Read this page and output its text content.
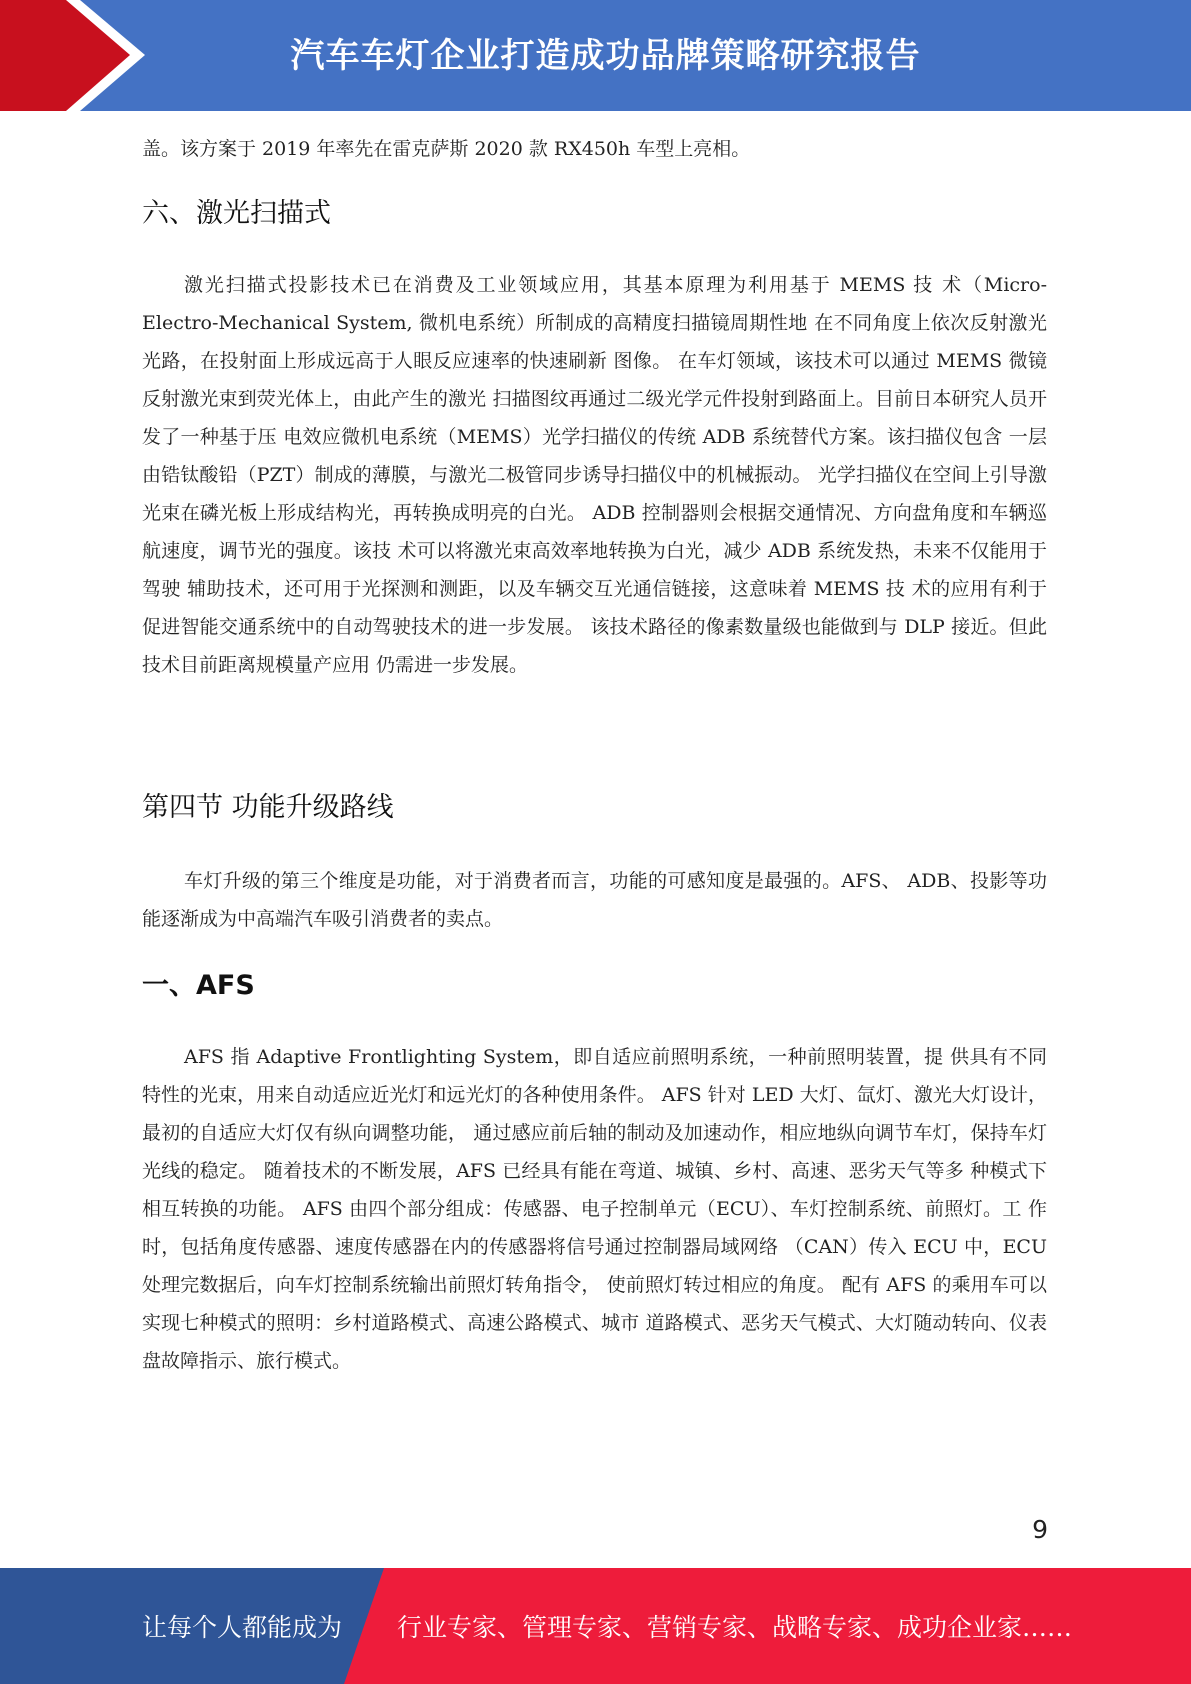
汽车车灯企业打造成功品牌策略研究报告

盖。该方案于 2019 年率先在雷克萨斯 2020 款 RX450h 车型上亮相。

六、激光扫描式

激光扫描式投影技术已在消费及工业领域应用，其基本原理为利用基于 MEMS 技 术（Micro-Electro-Mechanical System, 微机电系统）所制成的高精度扫描镜周期性地 在不同角度上依次反射激光光路，在投射面上形成远高于人眼反应速率的快速刷新 图像。 在车灯领域，该技术可以通过 MEMS 微镜反射激光束到荧光体上，由此产生的激光 扫描图纹再通过二级光学元件投射到路面上。目前日本研究人员开发了一种基于压 电效应微机电系统（MEMS）光学扫描仪的传统 ADB 系统替代方案。该扫描仪包含 一层由锆钛酸铅（PZT）制成的薄膜，与激光二极管同步诱导扫描仪中的机械振动。 光学扫描仪在空间上引导激光束在磷光板上形成结构光，再转换成明亮的白光。 ADB 控制器则会根据交通情况、方向盘角度和车辆巡航速度，调节光的强度。该技 术可以将激光束高效率地转换为白光，减少 ADB 系统发热，未来不仅能用于驾驶 辅助技术，还可用于光探测和测距，以及车辆交互光通信链接，这意味着 MEMS 技 术的应用有利于促进智能交通系统中的自动驾驶技术的进一步发展。 该技术路径的像素数量级也能做到与 DLP 接近。但此技术目前距离规模量产应用 仍需进一步发展。

第四节 功能升级路线

车灯升级的第三个维度是功能，对于消费者而言，功能的可感知度是最强的。AFS、 ADB、投影等功能逐渐成为中高端汽车吸引消费者的卖点。

一、AFS

AFS 指 Adaptive Frontlighting System，即自适应前照明系统，一种前照明装置，提 供具有不同特性的光束，用来自动适应近光灯和远光灯的各种使用条件。 AFS 针对 LED 大灯、氙灯、激光大灯设计，最初的自适应大灯仅有纵向调整功能， 通过感应前后轴的制动及加速动作，相应地纵向调节车灯，保持车灯光线的稳定。 随着技术的不断发展，AFS 已经具有能在弯道、城镇、乡村、高速、恶劣天气等多 种模式下相互转换的功能。 AFS 由四个部分组成：传感器、电子控制单元（ECU）、车灯控制系统、前照灯。工 作时，包括角度传感器、速度传感器在内的传感器将信号通过控制器局域网络 （CAN）传入 ECU 中，ECU 处理完数据后，向车灯控制系统输出前照灯转角指令， 使前照灯转过相应的角度。 配有 AFS 的乘用车可以实现七种模式的照明：乡村道路模式、高速公路模式、城市 道路模式、恶劣天气模式、大灯随动转向、仪表盘故障指示、旅行模式。

9
让每个人都能成为 行业专家、管理专家、营销专家、战略专家、成功企业家……
